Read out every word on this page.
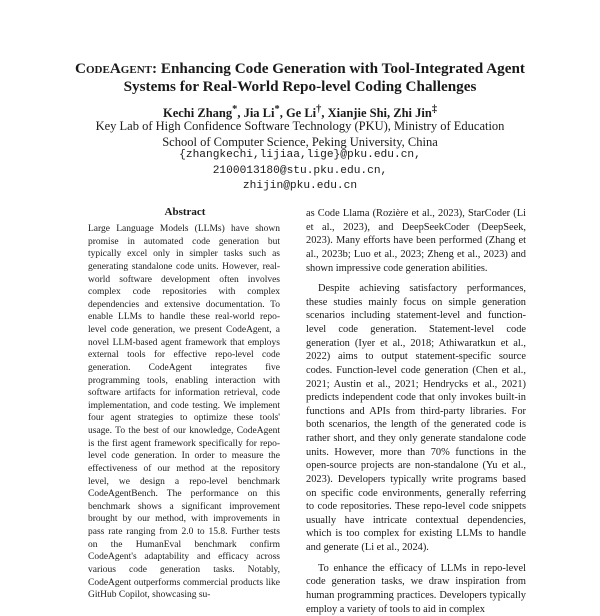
CodeAgent: Enhancing Code Generation with Tool-Integrated Agent
Systems for Real-World Repo-level Coding Challenges
Kechi Zhang*, Jia Li*, Ge Li†, Xianjie Shi, Zhi Jin‡
Key Lab of High Confidence Software Technology (PKU), Ministry of Education
School of Computer Science, Peking University, China
{zhangkechi,lijiaa,lige}@pku.edu.cn,
2100013180@stu.pku.edu.cn,
zhijin@pku.edu.cn
Abstract
Large Language Models (LLMs) have shown promise in automated code generation but typically excel only in simpler tasks such as generating standalone code units. However, real-world software development often involves complex code repositories with complex dependencies and extensive documentation. To enable LLMs to handle these real-world repo-level code generation, we present CodeAgent, a novel LLM-based agent framework that employs external tools for effective repo-level code generation. CodeAgent integrates five programming tools, enabling interaction with software artifacts for information retrieval, code implementation, and code testing. We implement four agent strategies to optimize these tools' usage. To the best of our knowledge, CodeAgent is the first agent framework specifically for repo-level code generation. In order to measure the effectiveness of our method at the repository level, we design a repo-level benchmark CodeAgentBench. The performance on this benchmark shows a significant improvement brought by our method, with improvements in pass rate ranging from 2.0 to 15.8. Further tests on the HumanEval benchmark confirm CodeAgent's adaptability and efficacy across various code generation tasks. Notably, CodeAgent outperforms commercial products like GitHub Copilot, showcasing su-

as Code Llama (Rozière et al., 2023), StarCoder (Li et al., 2023), and DeepSeekCoder (DeepSeek, 2023). Many efforts have been performed (Zhang et al., 2023b; Luo et al., 2023; Zheng et al., 2023) and shown impressive code generation abilities.

Despite achieving satisfactory performances, these studies mainly focus on simple generation scenarios including statement-level and function-level code generation. Statement-level code generation (Iyer et al., 2018; Athiwaratkun et al., 2022) aims to output statement-specific source codes. Function-level code generation (Chen et al., 2021; Austin et al., 2021; Hendrycks et al., 2021) predicts independent code that only invokes built-in functions and APIs from third-party libraries. For both scenarios, the length of the generated code is rather short, and they only generate standalone code units. However, more than 70% functions in the open-source projects are non-standalone (Yu et al., 2023). Developers typically write programs based on specific code environments, generally referring to code repositories. These repo-level code snippets usually have intricate contextual dependencies, which is too complex for existing LLMs to handle and generate (Li et al., 2024).

To enhance the efficacy of LLMs in repo-level code generation tasks, we draw inspiration from human programming practices. Developers typically employ a variety of tools to aid in complex
